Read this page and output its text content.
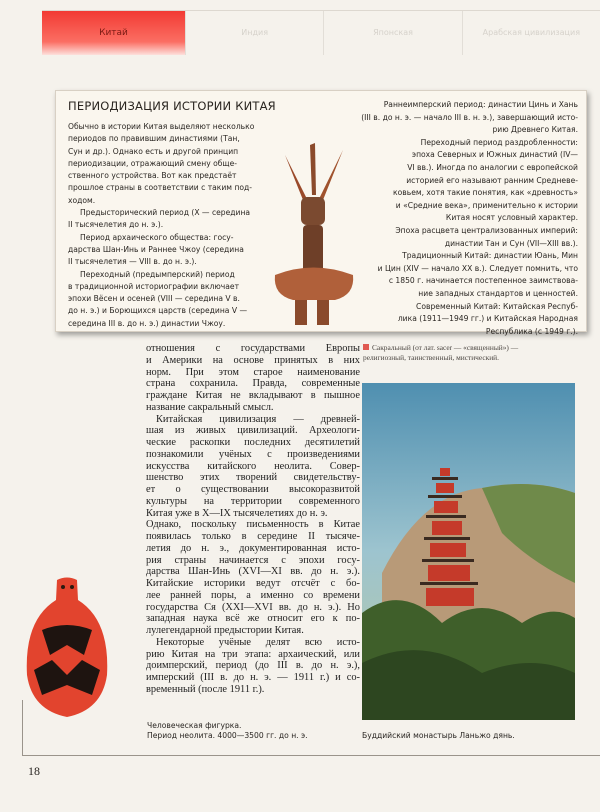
Китай	Индия	Японская	Арабская цивилизация
ПЕРИОДИЗАЦИЯ ИСТОРИИ КИТАЯ
Обычно в истории Китая выделяют несколько
периодов по правившим династиями (Тан,
Сун и др.). Однако есть и другой принцип
периодизации, отражающий смену обще-
ственного устройства. Вот как предстаёт
прошлое страны в соответствии с таким под-
ходом.
Предысторический период (X — середина
II тысячелетия до н. э.).
Период архаического общества: госу-
дарства Шан-Инь и Раннее Чжоу (середина
II тысячелетия — VIII в. до н. э.).
Переходный (предымперский) период
в традиционной историографии включает
эпохи Вёсен и осеней (VIII — середина V в.
до н. э.) и Борющихся царств (середина V —
середина III в. до н. э.) династии Чжоу.
Раннеимперский период: династии Цинь и Хань
(III в. до н. э. — начало III в. н. э.), завершающий исто-
рию Древнего Китая.
Переходный период раздробленности:
эпоха Северных и Южных династий (IV—
VI вв.). Иногда по аналогии с европейской
историей его называют ранним Средневе-
ковьем, хотя такие понятия, как «древность»
и «Средние века», применительно к истории
Китая носят условный характер.
Эпоха расцвета централизованных империй:
династии Тан и Сун (VII—XIII вв.).
Традиционный Китай: династии Юань, Мин
и Цин (XIV — начало XX в.). Следует помнить, что
с 1850 г. начинается постепенное заимствова-
ние западных стандартов и ценностей.
Современный Китай: Китайская Респуб-
лика (1911—1949 гг.) и Китайская Народная
Республика (с 1949 г.).
отношения с государствами Европы
и Америки на основе принятых в них
норм. При этом старое наименование
страна сохранила. Правда, современные
граждане Китая не вкладывают в пышное
название сакральный смысл.
Китайская цивилизация — древней-
шая из живых цивилизаций. Археологи-
ческие раскопки последних десятилетий
познакомили учёных с произведениями
искусства китайского неолита. Совер-
шенство этих творений свидетельству-
ет о существовании высокоразвитой
культуры на территории современного
Китая уже в X—IX тысячелетиях до н. э.
Однако, поскольку письменность в Китае
появилась только в середине II тысяче-
летия до н. э., документированная исто-
рия страны начинается с эпохи госу-
дарства Шан-Инь (XVI—XI вв. до н. э.).
Китайские историки ведут отсчёт с бо-
лее ранней поры, а именно со времени
государства Ся (XXI—XVI вв. до н. э.). Но
западная наука всё же относит его к по-
лулегендарной предыстории Китая.
Некоторые учёные делят всю исто-
рию Китая на три этапа: архаический, или
доимперский, период (до III в. до н. э.),
имперский (III в. до н. э. — 1911 г.) и со-
временный (после 1911 г.).
Сакральный (от лат. sacer — «священный») —
религиозный, таинственный, мистический.
Человеческая фигурка.
Период неолита. 4000—3500 гг. до н. э.	Буддийский монастырь Ланьжо дянь.
18
